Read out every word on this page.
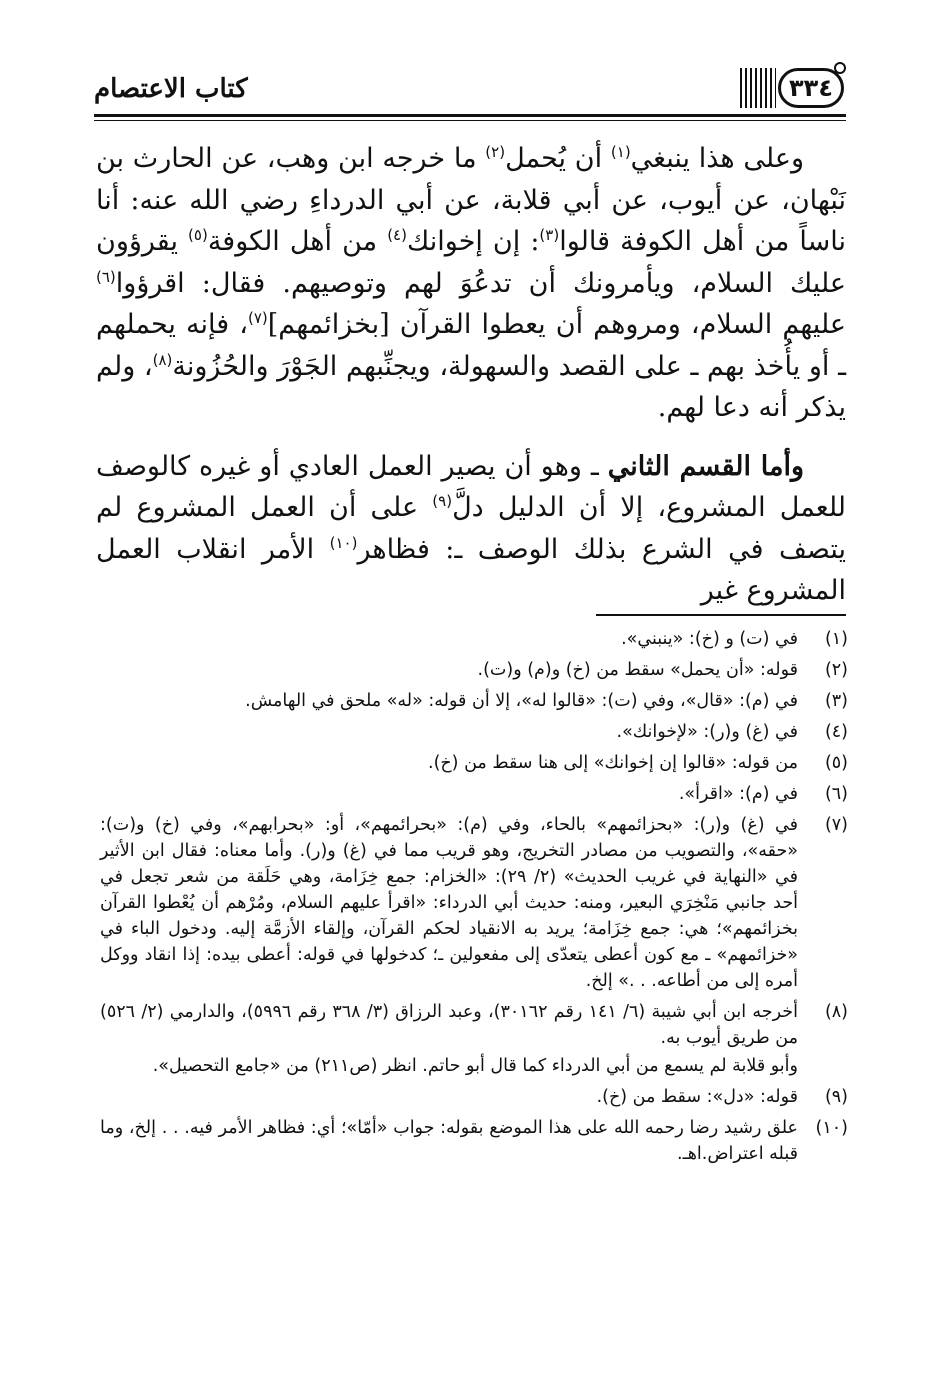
كتاب الاعتصام	٣٣٤

وعلى هذا ينبغي$^{(١)}$ أن يُحمل$^{(٢)}$ ما خرجه ابن وهب، عن الحارث بن نَبْهان، عن أيوب، عن أبي قلابة، عن أبي الدرداءِ رضي الله عنه: أنا ناساً من أهل الكوفة قالوا$^{(٣)}$: إن إخوانك$^{(٤)}$ من أهل الكوفة$^{(٥)}$ يقرؤون عليك السلام، ويأمرونك أن تدعُوَ لهم وتوصيهم. فقال: اقرؤوا$^{(٦)}$ عليهم السلام، ومروهم أن يعطوا القرآن [بخزائمهم]$^{(٧)}$، فإنه يحملهم ـ أو يأُخذ بهم ـ على القصد والسهولة، ويجنِّبهم الجَوْرَ والحُزُونة$^{(٨)}$، ولم يذكر أنه دعا لهم.

وأما القسم الثاني ـ وهو أن يصير العمل العادي أو غيره كالوصف للعمل المشروع، إلا أن الدليل دلَّ$^{(٩)}$ على أن العمل المشروع لم يتصف في الشرع بذلك الوصف ـ: فظاهر$^{(١٠)}$ الأمر انقلاب العمل المشروع غير

(١)
في (ت) و (خ): «ينبني».
(٢)
قوله: «أن يحمل» سقط من (خ) و(م) و(ت).
(٣)
في (م): «قال»، وفي (ت): «قالوا له»، إلا أن قوله: «له» ملحق في الهامش.
(٤)
في (غ) و(ر): «لإخوانك».
(٥)
من قوله: «قالوا إن إخوانك» إلى هنا سقط من (خ).
(٦)
في (م): «اقرأ».
(٧)
في (غ) و(ر): «بحزائمهم» بالحاء، وفي (م): «بحرائمهم»، أو: «بحرابهم»، وفي (خ) و(ت): «حقه»، والتصويب من مصادر التخريج، وهو قريب مما في (غ) و(ر). وأما معناه: فقال ابن الأثير في «النهاية في غريب الحديث» (٢/ ٢٩): «الخزام: جمع خِزَامة، وهي حَلَقة من شعر تجعل في أحد جانبي مَنْخِرَي البعير، ومنه: حديث أبي الدرداء: «اقرأ عليهم السلام، ومُرْهم أن يُعْطوا القرآن بخزائمهم»؛ هي: جمع خِزَامة؛ يريد به الانقياد لحكم القرآن، وإلقاء الأزمَّة إليه. ودخول الباء في «خزائمهم» ـ مع كون أعطى يتعدّى إلى مفعولين ـ؛ كدخولها في قوله: أعطى بيده: إذا انقاد ووكل أمره إلى من أطاعه. . .» إلخ.
(٨)
أخرجه ابن أبي شيبة (٦/ ١٤١ رقم ٣٠١٦٢)، وعبد الرزاق (٣/ ٣٦٨ رقم ٥٩٩٦)، والدارمي (٢/ ٥٢٦) من طريق أيوب به.
وأبو قلابة لم يسمع من أبي الدرداء كما قال أبو حاتم. انظر (ص٢١١) من «جامع التحصيل».
(٩)
قوله: «دل»: سقط من (خ).
(١٠)
علق رشيد رضا رحمه الله على هذا الموضع بقوله: جواب «أمّا»؛ أي: فظاهر الأمر فيه. . . إلخ، وما قبله اعتراض.اهـ.
